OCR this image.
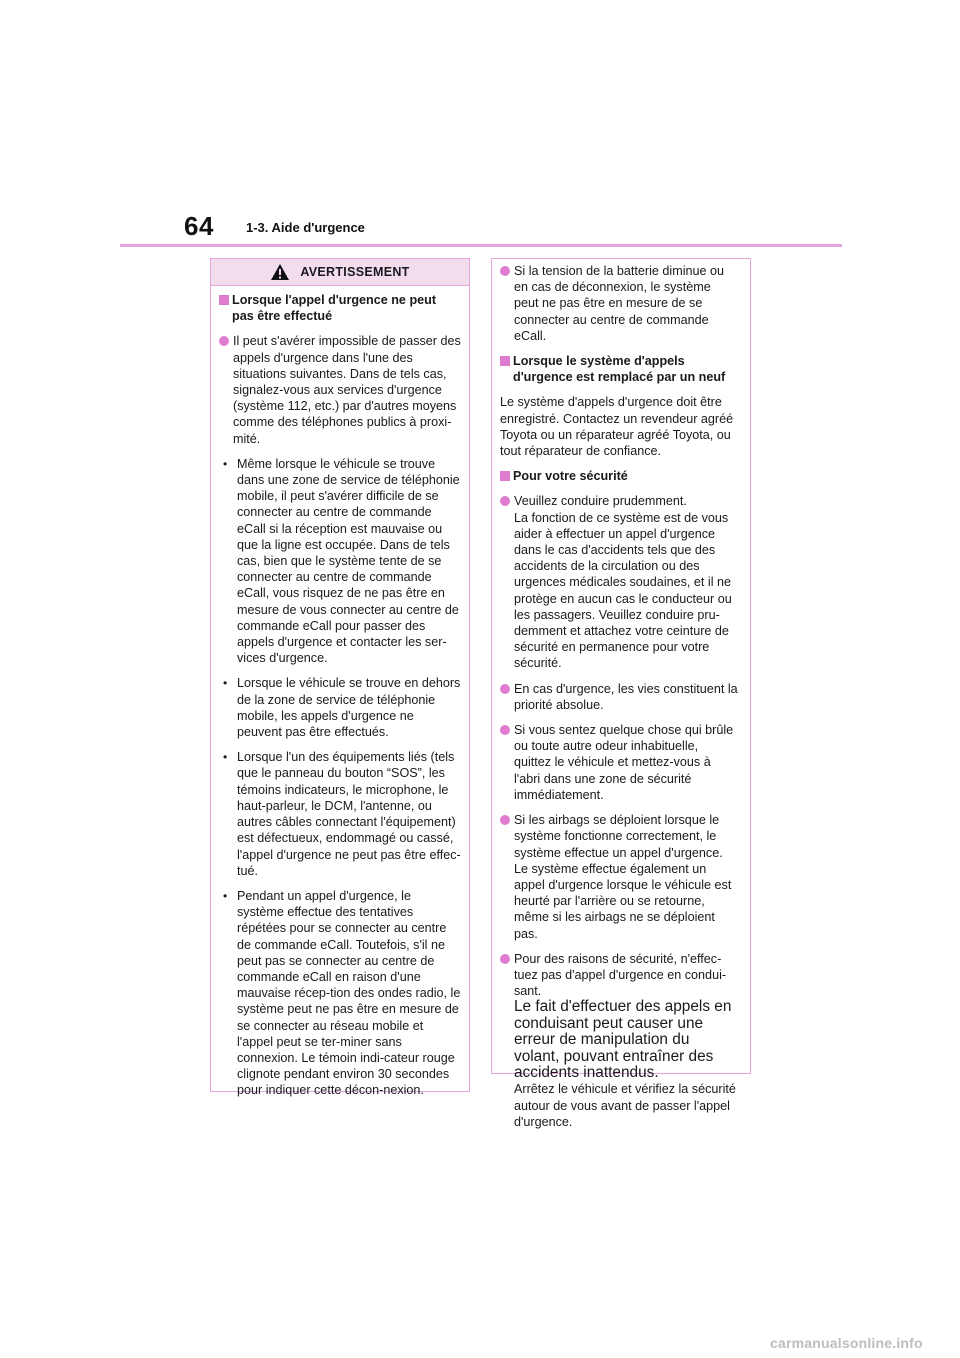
64 1-3. Aide d'urgence
AVERTISSEMENT
Lorsque l'appel d'urgence ne peut pas être effectué
Il peut s'avérer impossible de passer des appels d'urgence dans l'une des situations suivantes. Dans de tels cas, signalez-vous aux services d'urgence (système 112, etc.) par d'autres moyens comme des téléphones publics à proxi-mité.
• Même lorsque le véhicule se trouve dans une zone de service de téléphonie mobile, il peut s'avérer difficile de se connecter au centre de commande eCall si la réception est mauvaise ou que la ligne est occupée. Dans de tels cas, bien que le système tente de se connecter au centre de commande eCall, vous risquez de ne pas être en mesure de vous connecter au centre de commande eCall pour passer des appels d'urgence et contacter les ser-vices d'urgence.
• Lorsque le véhicule se trouve en dehors de la zone de service de téléphonie mobile, les appels d'urgence ne peuvent pas être effectués.
• Lorsque l'un des équipements liés (tels que le panneau du bouton “SOS”, les témoins indicateurs, le microphone, le haut-parleur, le DCM, l'antenne, ou autres câbles connectant l'équipement) est défectueux, endommagé ou cassé, l'appel d'urgence ne peut pas être effec-tué.
• Pendant un appel d'urgence, le système effectue des tentatives répétées pour se connecter au centre de commande eCall. Toutefois, s'il ne peut pas se connecter au centre de commande eCall en raison d'une mauvaise récep-tion des ondes radio, le système peut ne pas être en mesure de se connecter au réseau mobile et l'appel peut se ter-miner sans connexion. Le témoin indi-cateur rouge clignote pendant environ 30 secondes pour indiquer cette décon-nexion.
Si la tension de la batterie diminue ou en cas de déconnexion, le système peut ne pas être en mesure de se connecter au centre de commande eCall.
Lorsque le système d'appels d'urgence est remplacé par un neuf
Le système d'appels d'urgence doit être enregistré. Contactez un revendeur agréé Toyota ou un réparateur agréé Toyota, ou tout réparateur de confiance.
Pour votre sécurité
Veuillez conduire prudemment.
La fonction de ce système est de vous aider à effectuer un appel d'urgence dans le cas d'accidents tels que des accidents de la circulation ou des urgences médicales soudaines, et il ne protège en aucun cas le conducteur ou les passagers. Veuillez conduire pru-demment et attachez votre ceinture de sécurité en permanence pour votre sécurité.
En cas d'urgence, les vies constituent la priorité absolue.
Si vous sentez quelque chose qui brûle ou toute autre odeur inhabituelle, quittez le véhicule et mettez-vous à l'abri dans une zone de sécurité immédiatement.
Si les airbags se déploient lorsque le système fonctionne correctement, le système effectue un appel d'urgence. Le système effectue également un appel d'urgence lorsque le véhicule est heurté par l'arrière ou se retourne, même si les airbags ne se déploient pas.
Pour des raisons de sécurité, n'effec-tuez pas d'appel d'urgence en condui-sant.
Le fait d'effectuer des appels en conduisant peut causer une erreur de manipulation du volant, pouvant entraîner des accidents inattendus.
Arrêtez le véhicule et vérifiez la sécurité autour de vous avant de passer l'appel d'urgence.
carmanualsonline.info
